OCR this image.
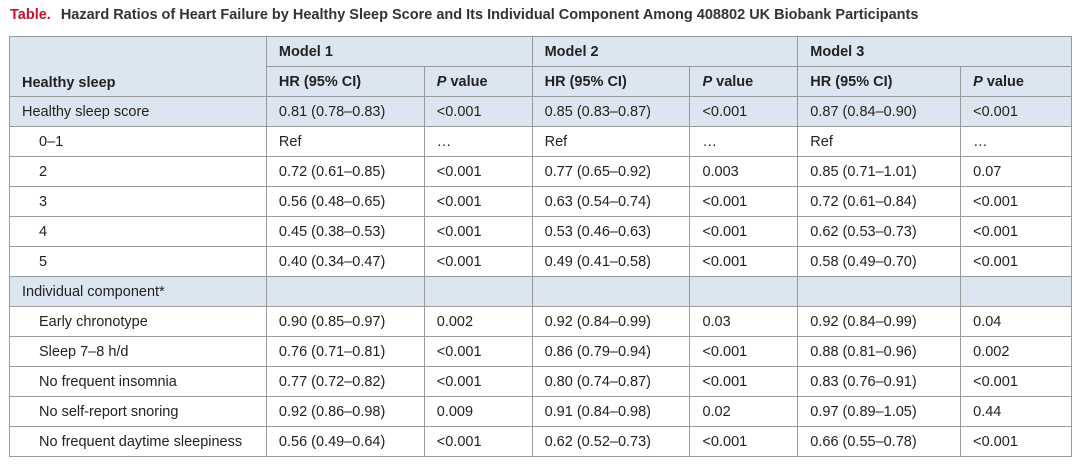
Table. Hazard Ratios of Heart Failure by Healthy Sleep Score and Its Individual Component Among 408802 UK Biobank Participants
Healthy sleep	Model 1		Model 2		Model 3	
	HR (95% CI)	P value	HR (95% CI)	P value	HR (95% CI)	P value
Healthy sleep score	0.81 (0.78–0.83)	<0.001	0.85 (0.83–0.87)	<0.001	0.87 (0.84–0.90)	<0.001
0–1	Ref	…	Ref	…	Ref	…
2	0.72 (0.61–0.85)	<0.001	0.77 (0.65–0.92)	0.003	0.85 (0.71–1.01)	0.07
3	0.56 (0.48–0.65)	<0.001	0.63 (0.54–0.74)	<0.001	0.72 (0.61–0.84)	<0.001
4	0.45 (0.38–0.53)	<0.001	0.53 (0.46–0.63)	<0.001	0.62 (0.53–0.73)	<0.001
5	0.40 (0.34–0.47)	<0.001	0.49 (0.41–0.58)	<0.001	0.58 (0.49–0.70)	<0.001
Individual component*						
Early chronotype	0.90 (0.85–0.97)	0.002	0.92 (0.84–0.99)	0.03	0.92 (0.84–0.99)	0.04
Sleep 7–8 h/d	0.76 (0.71–0.81)	<0.001	0.86 (0.79–0.94)	<0.001	0.88 (0.81–0.96)	0.002
No frequent insomnia	0.77 (0.72–0.82)	<0.001	0.80 (0.74–0.87)	<0.001	0.83 (0.76–0.91)	<0.001
No self-report snoring	0.92 (0.86–0.98)	0.009	0.91 (0.84–0.98)	0.02	0.97 (0.89–1.05)	0.44
No frequent daytime sleepiness	0.56 (0.49–0.64)	<0.001	0.62 (0.52–0.73)	<0.001	0.66 (0.55–0.78)	<0.001
